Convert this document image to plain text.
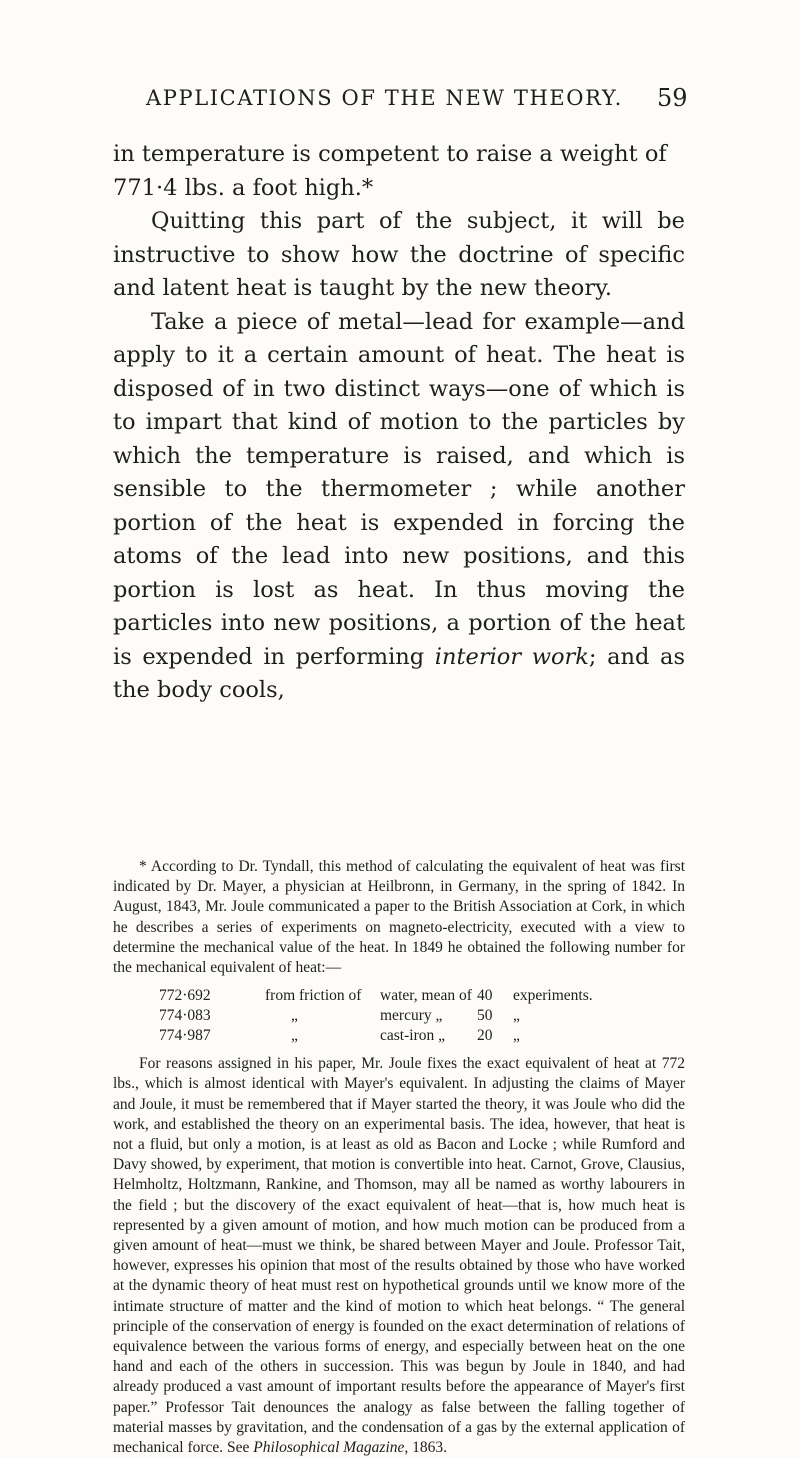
APPLICATIONS OF THE NEW THEORY. 59

in temperature is competent to raise a weight of 771·4 lbs. a foot high.*

Quitting this part of the subject, it will be instructive to show how the doctrine of specific and latent heat is taught by the new theory.

Take a piece of metal—lead for example—and apply to it a certain amount of heat. The heat is disposed of in two distinct ways—one of which is to impart that kind of motion to the particles by which the temperature is raised, and which is sensible to the thermometer ; while another portion of the heat is expended in forcing the atoms of the lead into new positions, and this portion is lost as heat. In thus moving the particles into new positions, a portion of the heat is expended in performing interior work; and as the body cools,

* According to Dr. Tyndall, this method of calculating the equivalent of heat was first indicated by Dr. Mayer, a physician at Heilbronn, in Germany, in the spring of 1842. In August, 1843, Mr. Joule communicated a paper to the British Association at Cork, in which he describes a series of experiments on magneto-electricity, executed with a view to determine the mechanical value of the heat. In 1849 he obtained the following number for the mechanical equivalent of heat:—

772·692	from friction of water, mean of 40 experiments.
774·083	„	mercury „ 50 „
774·987	„	cast-iron „ 20 „

For reasons assigned in his paper, Mr. Joule fixes the exact equivalent of heat at 772 lbs., which is almost identical with Mayer's equivalent. In adjusting the claims of Mayer and Joule, it must be remembered that if Mayer started the theory, it was Joule who did the work, and established the theory on an experimental basis. The idea, however, that heat is not a fluid, but only a motion, is at least as old as Bacon and Locke ; while Rumford and Davy showed, by experiment, that motion is convertible into heat. Carnot, Grove, Clausius, Helmholtz, Holtzmann, Rankine, and Thomson, may all be named as worthy labourers in the field ; but the discovery of the exact equivalent of heat—that is, how much heat is represented by a given amount of motion, and how much motion can be produced from a given amount of heat—must we think, be shared between Mayer and Joule. Professor Tait, however, expresses his opinion that most of the results obtained by those who have worked at the dynamic theory of heat must rest on hypothetical grounds until we know more of the intimate structure of matter and the kind of motion to which heat belongs. “ The general principle of the conservation of energy is founded on the exact determination of relations of equivalence between the various forms of energy, and especially between heat on the one hand and each of the others in succession. This was begun by Joule in 1840, and had already produced a vast amount of important results before the appearance of Mayer's first paper.” Professor Tait denounces the analogy as false between the falling together of material masses by gravitation, and the condensation of a gas by the external application of mechanical force. See Philosophical Magazine, 1863.
